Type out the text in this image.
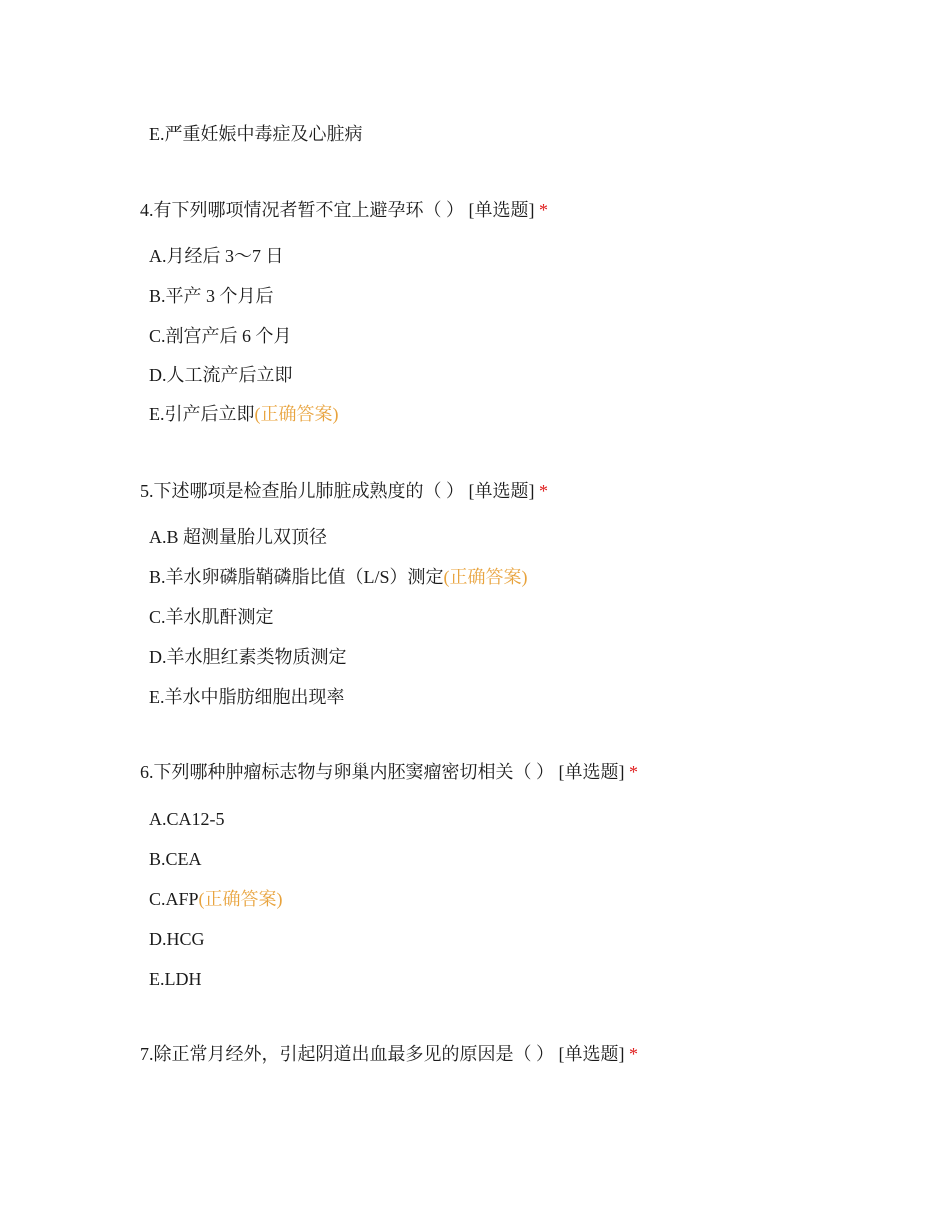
E.严重妊娠中毒症及心脏病
4.有下列哪项情况者暂不宜上避孕环（ ） [单选题] *
A.月经后 3～7 日
B.平产 3 个月后
C.剖宫产后 6 个月
D.人工流产后立即
E.引产后立即(正确答案)
5.下述哪项是检查胎儿肺脏成熟度的（ ） [单选题] *
A.B 超测量胎儿双顶径
B.羊水卵磷脂鞘磷脂比值（L/S）测定(正确答案)
C.羊水肌酐测定
D.羊水胆红素类物质测定
E.羊水中脂肪细胞出现率
6.下列哪种肿瘤标志物与卵巢内胚窦瘤密切相关（ ） [单选题] *
A.CA12-5
B.CEA
C.AFP(正确答案)
D.HCG
E.LDH
7.除正常月经外，引起阴道出血最多见的原因是（ ） [单选题] *
